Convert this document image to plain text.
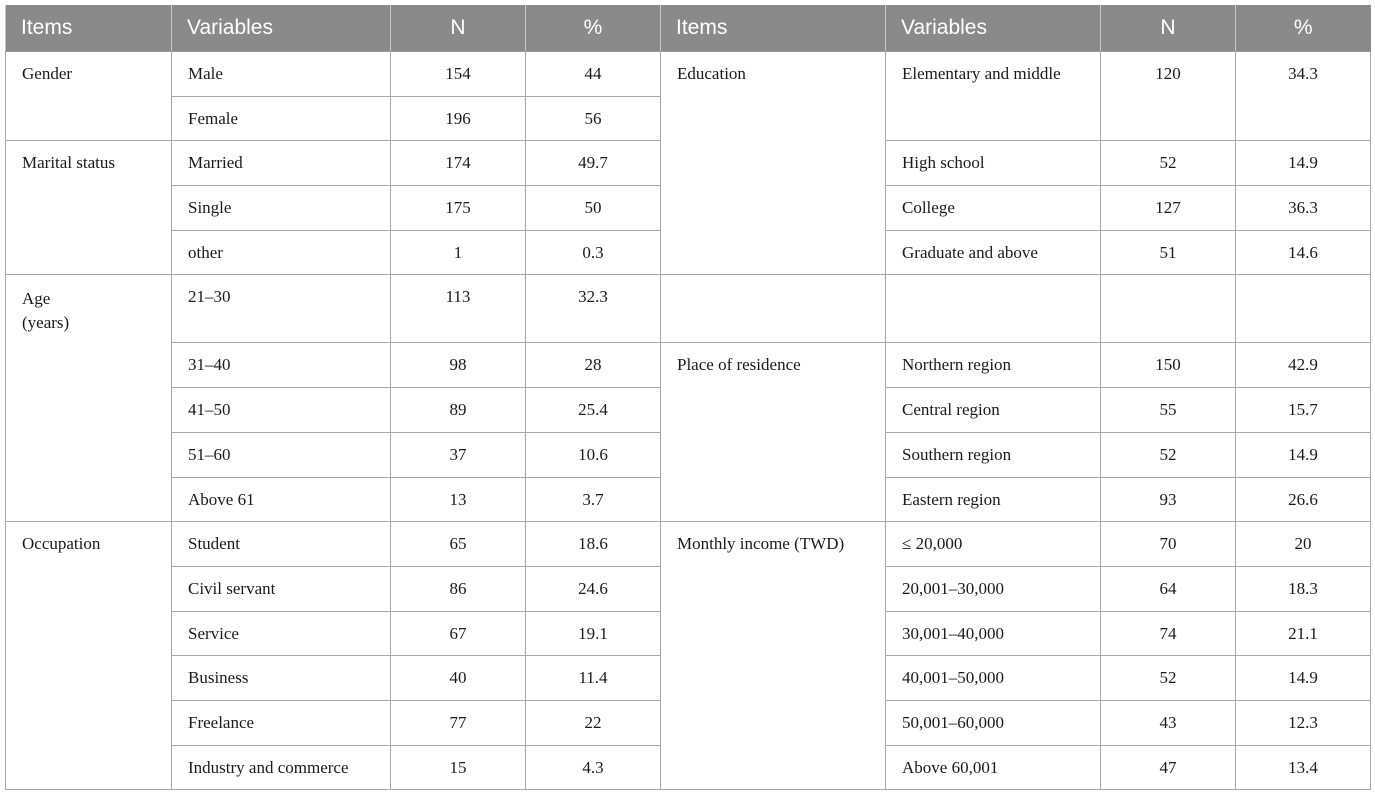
Items	Variables	N	%	Items	Variables	N	%
Gender	Male	154	44	Education	Elementary and middle	120	34.3
	Female	196	56				
Marital status	Married	174	49.7		High school	52	14.9
	Single	175	50		College	127	36.3
	other	1	0.3		Graduate and above	51	14.6

Age
(years)	21–30	113	32.3				
	31–40	98	28	Place of residence	Northern region	150	42.9
	41–50	89	25.4		Central region	55	15.7
	51–60	37	10.6		Southern region	52	14.9
	Above 61	13	3.7		Eastern region	93	26.6
Occupation	Student	65	18.6	Monthly income (TWD)	≤ 20,000	70	20
	Civil servant	86	24.6		20,001–30,000	64	18.3
	Service	67	19.1		30,001–40,000	74	21.1
	Business	40	11.4		40,001–50,000	52	14.9
	Freelance	77	22		50,001–60,000	43	12.3
	Industry and commerce	15	4.3		Above 60,001	47	13.4
